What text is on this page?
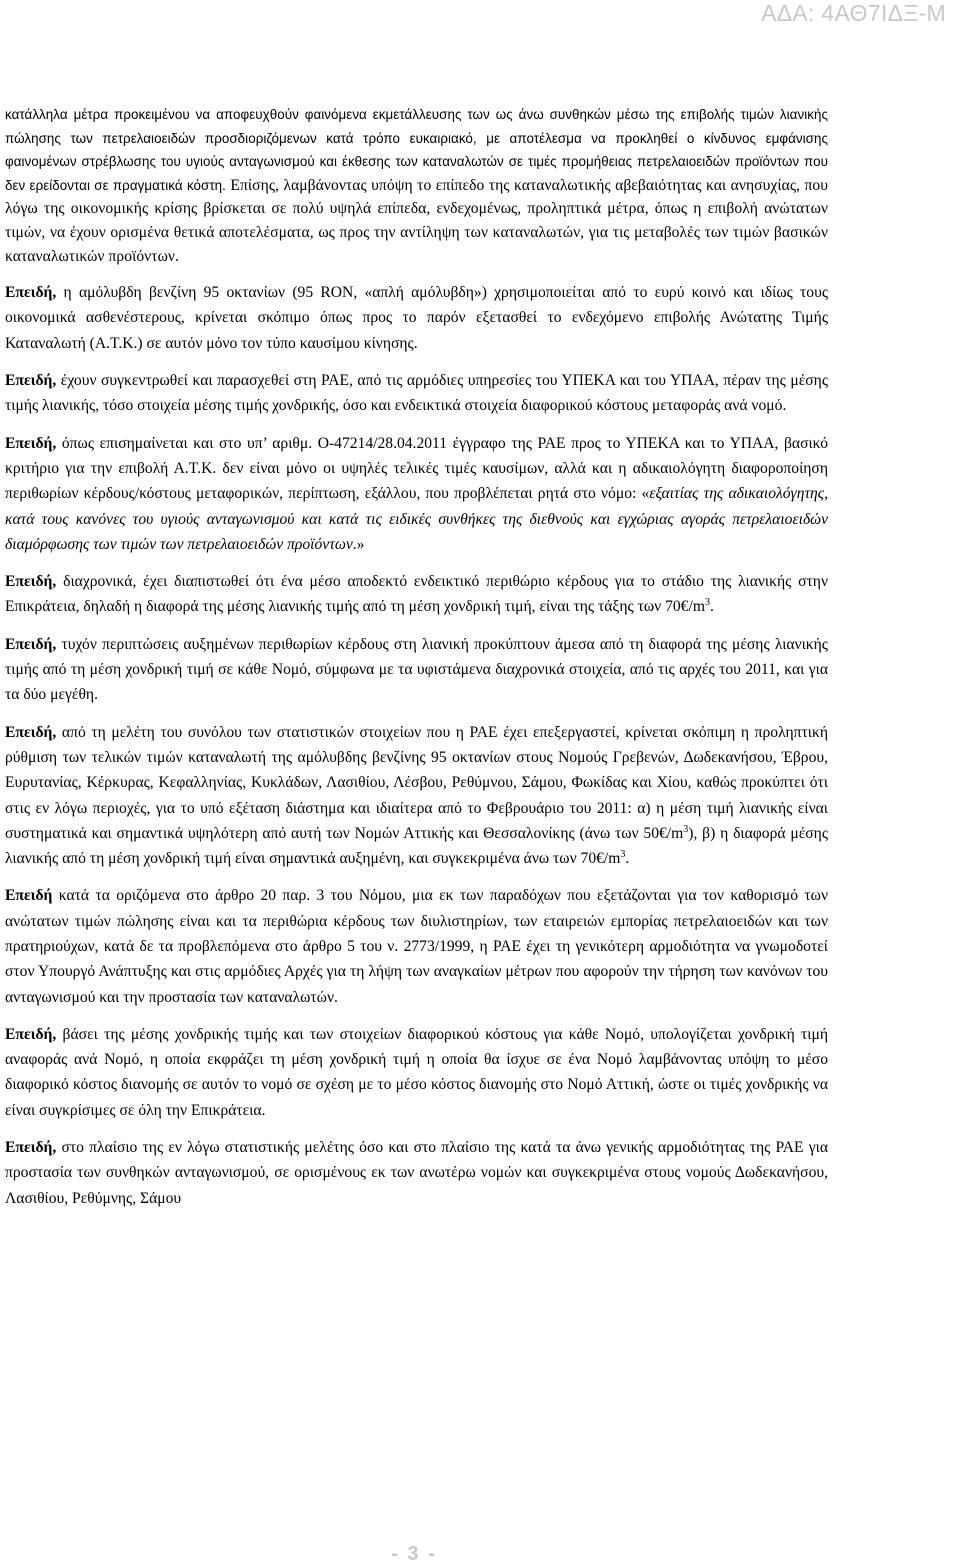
ΑΔΑ: 4ΑΘ7ΙΔΞ-Μ

κατάλληλα μέτρα προκειμένου να αποφευχθούν φαινόμενα εκμετάλλευσης των ως άνω συνθηκών μέσω της επιβολής τιμών λιανικής πώλησης των πετρελαιοειδών προσδιοριζόμενων κατά τρόπο ευκαιριακό, με αποτέλεσμα να προκληθεί ο κίνδυνος εμφάνισης φαινομένων στρέβλωσης του υγιούς ανταγωνισμού και έκθεσης των καταναλωτών σε τιμές προμήθειας πετρελαιοειδών προϊόντων που δεν ερείδονται σε πραγματικά κόστη. Επίσης, λαμβάνοντας υπόψη το επίπεδο της καταναλωτικής αβεβαιότητας και ανησυχίας, που λόγω της οικονομικής κρίσης βρίσκεται σε πολύ υψηλά επίπεδα, ενδεχομένως, προληπτικά μέτρα, όπως η επιβολή ανώτατων τιμών, να έχουν ορισμένα θετικά αποτελέσματα, ως προς την αντίληψη των καταναλωτών, για τις μεταβολές των τιμών βασικών καταναλωτικών προϊόντων.

Επειδή, η αμόλυβδη βενζίνη 95 οκτανίων (95 RON, «απλή αμόλυβδη») χρησιμοποιείται από το ευρύ κοινό και ιδίως τους οικονομικά ασθενέστερους, κρίνεται σκόπιμο όπως προς το παρόν εξετασθεί το ενδεχόμενο επιβολής Ανώτατης Τιμής Καταναλωτή (Α.Τ.Κ.) σε αυτόν μόνο τον τύπο καυσίμου κίνησης.

Επειδή, έχουν συγκεντρωθεί και παρασχεθεί στη ΡΑΕ, από τις αρμόδιες υπηρεσίες του ΥΠΕΚΑ και του ΥΠΑΑ, πέραν της μέσης τιμής λιανικής, τόσο στοιχεία μέσης τιμής χονδρικής, όσο και ενδεικτικά στοιχεία διαφορικού κόστους μεταφοράς ανά νομό.

Επειδή, όπως επισημαίνεται και στο υπ’ αριθμ. Ο-47214/28.04.2011 έγγραφο της ΡΑΕ προς το ΥΠΕΚΑ και το ΥΠΑΑ, βασικό κριτήριο για την επιβολή Α.Τ.Κ. δεν είναι μόνο οι υψηλές τελικές τιμές καυσίμων, αλλά και η αδικαιολόγητη διαφοροποίηση περιθωρίων κέρδους/κόστους μεταφορικών, περίπτωση, εξάλλου, που προβλέπεται ρητά στο νόμο: «εξαιτίας της αδικαιολόγητης, κατά τους κανόνες του υγιούς ανταγωνισμού και κατά τις ειδικές συνθήκες της διεθνούς και εγχώριας αγοράς πετρελαιοειδών διαμόρφωσης των τιμών των πετρελαιοειδών προϊόντων.»

Επειδή, διαχρονικά, έχει διαπιστωθεί ότι ένα μέσο αποδεκτό ενδεικτικό περιθώριο κέρδους για το στάδιο της λιανικής στην Επικράτεια, δηλαδή η διαφορά της μέσης λιανικής τιμής από τη μέση χονδρική τιμή, είναι της τάξης των $70€/m^3$.

Επειδή, τυχόν περιπτώσεις αυξημένων περιθωρίων κέρδους στη λιανική προκύπτουν άμεσα από τη διαφορά της μέσης λιανικής τιμής από τη μέση χονδρική τιμή σε κάθε Νομό, σύμφωνα με τα υφιστάμενα διαχρονικά στοιχεία, από τις αρχές του 2011, και για τα δύο μεγέθη.

Επειδή, από τη μελέτη του συνόλου των στατιστικών στοιχείων που η ΡΑΕ έχει επεξεργαστεί, κρίνεται σκόπιμη η προληπτική ρύθμιση των τελικών τιμών καταναλωτή της αμόλυβδης βενζίνης 95 οκτανίων στους Νομούς Γρεβενών, Δωδεκανήσου, Έβρου, Ευρυτανίας, Κέρκυρας, Κεφαλληνίας, Κυκλάδων, Λασιθίου, Λέσβου, Ρεθύμνου, Σάμου, Φωκίδας και Χίου, καθώς προκύπτει ότι στις εν λόγω περιοχές, για το υπό εξέταση διάστημα και ιδιαίτερα από το Φεβρουάριο του 2011: α) η μέση τιμή λιανικής είναι συστηματικά και σημαντικά υψηλότερη από αυτή των Νομών Αττικής και Θεσσαλονίκης (άνω των $50€/m^3$), β) η διαφορά μέσης λιανικής από τη μέση χονδρική τιμή είναι σημαντικά αυξημένη, και συγκεκριμένα άνω των $70€/m^3$.

Επειδή κατά τα οριζόμενα στο άρθρο 20 παρ. 3 του Νόμου, μια εκ των παραδόχων που εξετάζονται για τον καθορισμό των ανώτατων τιμών πώλησης είναι και τα περιθώρια κέρδους των διυλιστηρίων, των εταιρειών εμπορίας πετρελαιοειδών και των πρατηριούχων, κατά δε τα προβλεπόμενα στο άρθρο 5 του ν. 2773/1999, η ΡΑΕ έχει τη γενικότερη αρμοδιότητα να γνωμοδοτεί στον Υπουργό Ανάπτυξης και στις αρμόδιες Αρχές για τη λήψη των αναγκαίων μέτρων που αφορούν την τήρηση των κανόνων του ανταγωνισμού και την προστασία των καταναλωτών.

Επειδή, βάσει της μέσης χονδρικής τιμής και των στοιχείων διαφορικού κόστους για κάθε Νομό, υπολογίζεται χονδρική τιμή αναφοράς ανά Νομό, η οποία εκφράζει τη μέση χονδρική τιμή η οποία θα ίσχυε σε ένα Νομό λαμβάνοντας υπόψη το μέσο διαφορικό κόστος διανομής σε αυτόν το νομό σε σχέση με το μέσο κόστος διανομής στο Νομό Αττική, ώστε οι τιμές χονδρικής να είναι συγκρίσιμες σε όλη την Επικράτεια.

Επειδή, στο πλαίσιο της εν λόγω στατιστικής μελέτης όσο και στο πλαίσιο της κατά τα άνω γενικής αρμοδιότητας της ΡΑΕ για προστασία των συνθηκών ανταγωνισμού, σε ορισμένους εκ των ανωτέρω νομών και συγκεκριμένα στους νομούς Δωδεκανήσου, Λασιθίου, Ρεθύμνης, Σάμου

- 3 -
